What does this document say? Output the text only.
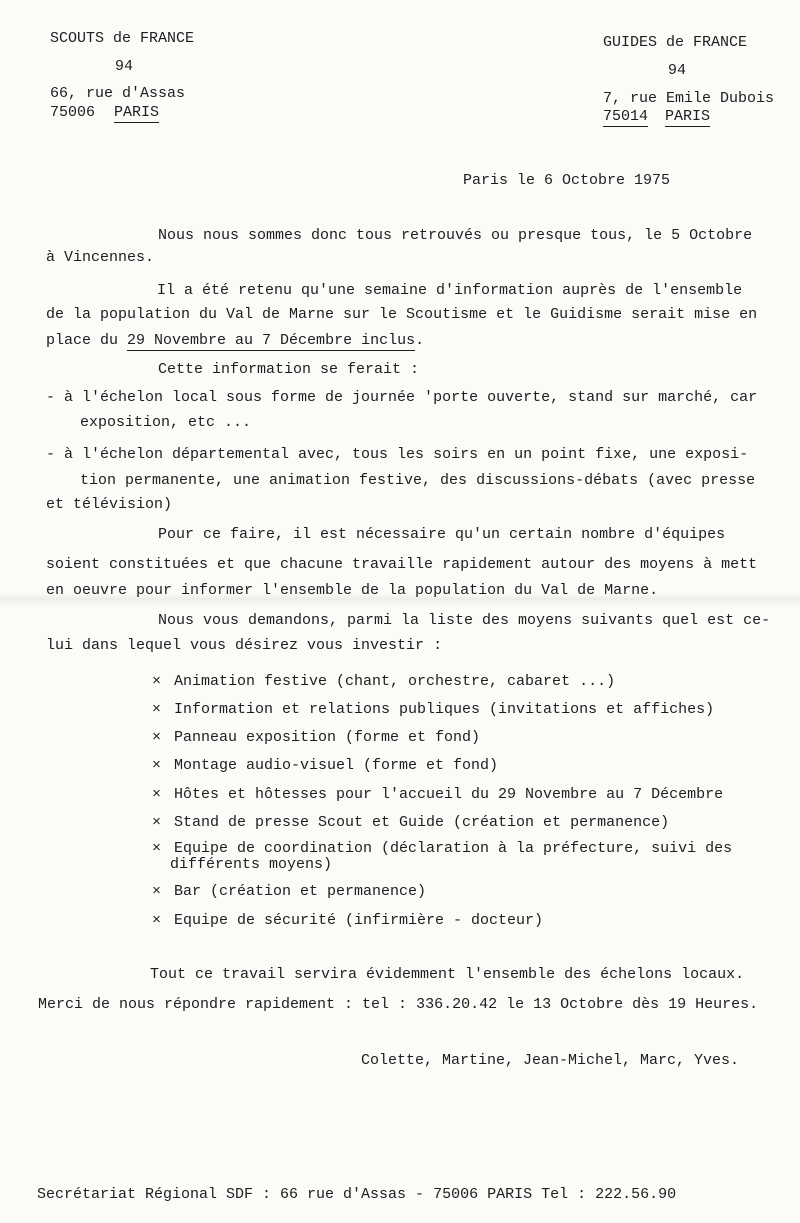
SCOUTS de FRANCE
94
66, rue d'Assas
75006 PARIS
GUIDES de FRANCE
94
7, rue Emile Dubois
75014 PARIS
Paris le 6 Octobre 1975
Nous nous sommes donc tous retrouvés ou presque tous, le 5 Octobre
à Vincennes.
Il a été retenu qu'une semaine d'information auprès de l'ensemble
de la population du Val de Marne sur le Scoutisme et le Guidisme serait mise en
place du 29 Novembre au 7 Décembre inclus.
Cette information se ferait :
- à l'échelon local sous forme de journée 'porte ouverte, stand sur marché, car
exposition, etc ...
- à l'échelon départemental avec, tous les soirs en un point fixe, une exposi-
tion permanente, une animation festive, des discussions-débats (avec presse
et télévision)
Pour ce faire, il est nécessaire qu'un certain nombre d'équipes
soient constituées et que chacune travaille rapidement autour des moyens à mett
en oeuvre pour informer l'ensemble de la population du Val de Marne.
Nous vous demandons, parmi la liste des moyens suivants quel est ce-
lui dans lequel vous désirez vous investir :
× Animation festive (chant, orchestre, cabaret ...)
× Information et relations publiques (invitations et affiches)
× Panneau exposition (forme et fond)
× Montage audio-visuel (forme et fond)
× Hôtes et hôtesses pour l'accueil du 29 Novembre au 7 Décembre
× Stand de presse Scout et Guide (création et permanence)
× Equipe de coordination (déclaration à la préfecture, suivi des
différents moyens)
× Bar (création et permanence)
× Equipe de sécurité (infirmière - docteur)
Tout ce travail servira évidemment l'ensemble des échelons locaux.
Merci de nous répondre rapidement : tel : 336.20.42 le 13 Octobre dès 19 Heures.
Colette, Martine, Jean-Michel, Marc, Yves.
Secrétariat Régional SDF : 66 rue d'Assas - 75006 PARIS Tel : 222.56.90
